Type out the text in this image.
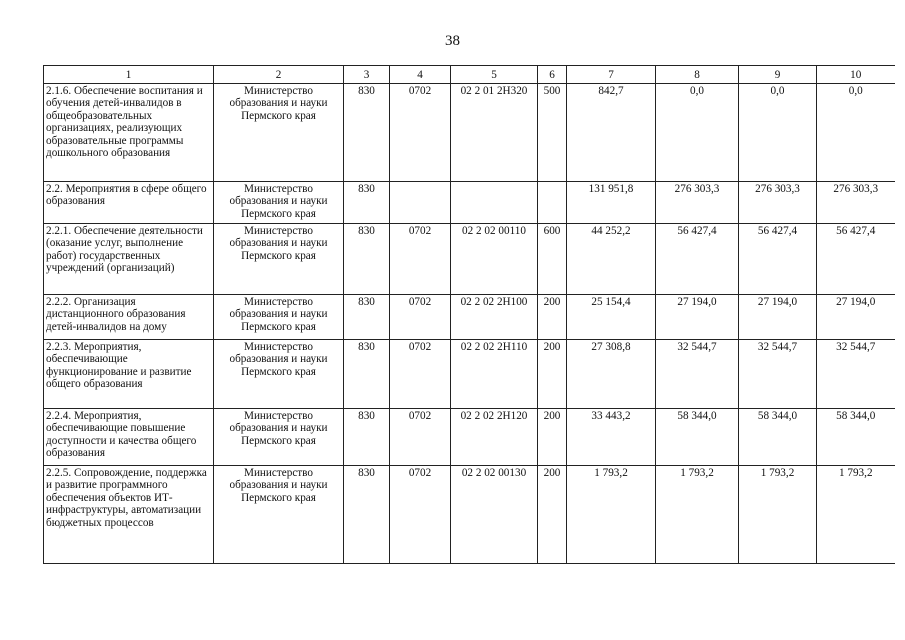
38
1	2	3	4	5	6	7	8	9	10
2.1.6. Обеспечение воспитания и обучения детей-инвалидов в общеобразовательных организациях, реализующих образовательные программы дошкольного образования	Министерство образования и науки Пермского края	830	0702	02 2 01 2Н320	500	842,7	0,0	0,0	0,0
2.2. Мероприятия в сфере общего образования	Министерство образования и науки Пермского края	830				131 951,8	276 303,3	276 303,3	276 303,3
2.2.1. Обеспечение деятельности (оказание услуг, выполнение работ) государственных учреждений (организаций)	Министерство образования и науки Пермского края	830	0702	02 2 02 00110	600	44 252,2	56 427,4	56 427,4	56 427,4
2.2.2. Организация дистанционного образования детей-инвалидов на дому	Министерство образования и науки Пермского края	830	0702	02 2 02 2Н100	200	25 154,4	27 194,0	27 194,0	27 194,0
2.2.3. Мероприятия, обеспечивающие функционирование и развитие общего образования	Министерство образования и науки Пермского края	830	0702	02 2 02 2Н110	200	27 308,8	32 544,7	32 544,7	32 544,7
2.2.4. Мероприятия, обеспечивающие повышение доступности и качества общего образования	Министерство образования и науки Пермского края	830	0702	02 2 02 2Н120	200	33 443,2	58 344,0	58 344,0	58 344,0
2.2.5. Сопровождение, поддержка и развитие программного обеспечения объектов ИТ-инфраструктуры, автоматизации бюджетных процессов	Министерство образования и науки Пермского края	830	0702	02 2 02 00130	200	1 793,2	1 793,2	1 793,2	1 793,2
